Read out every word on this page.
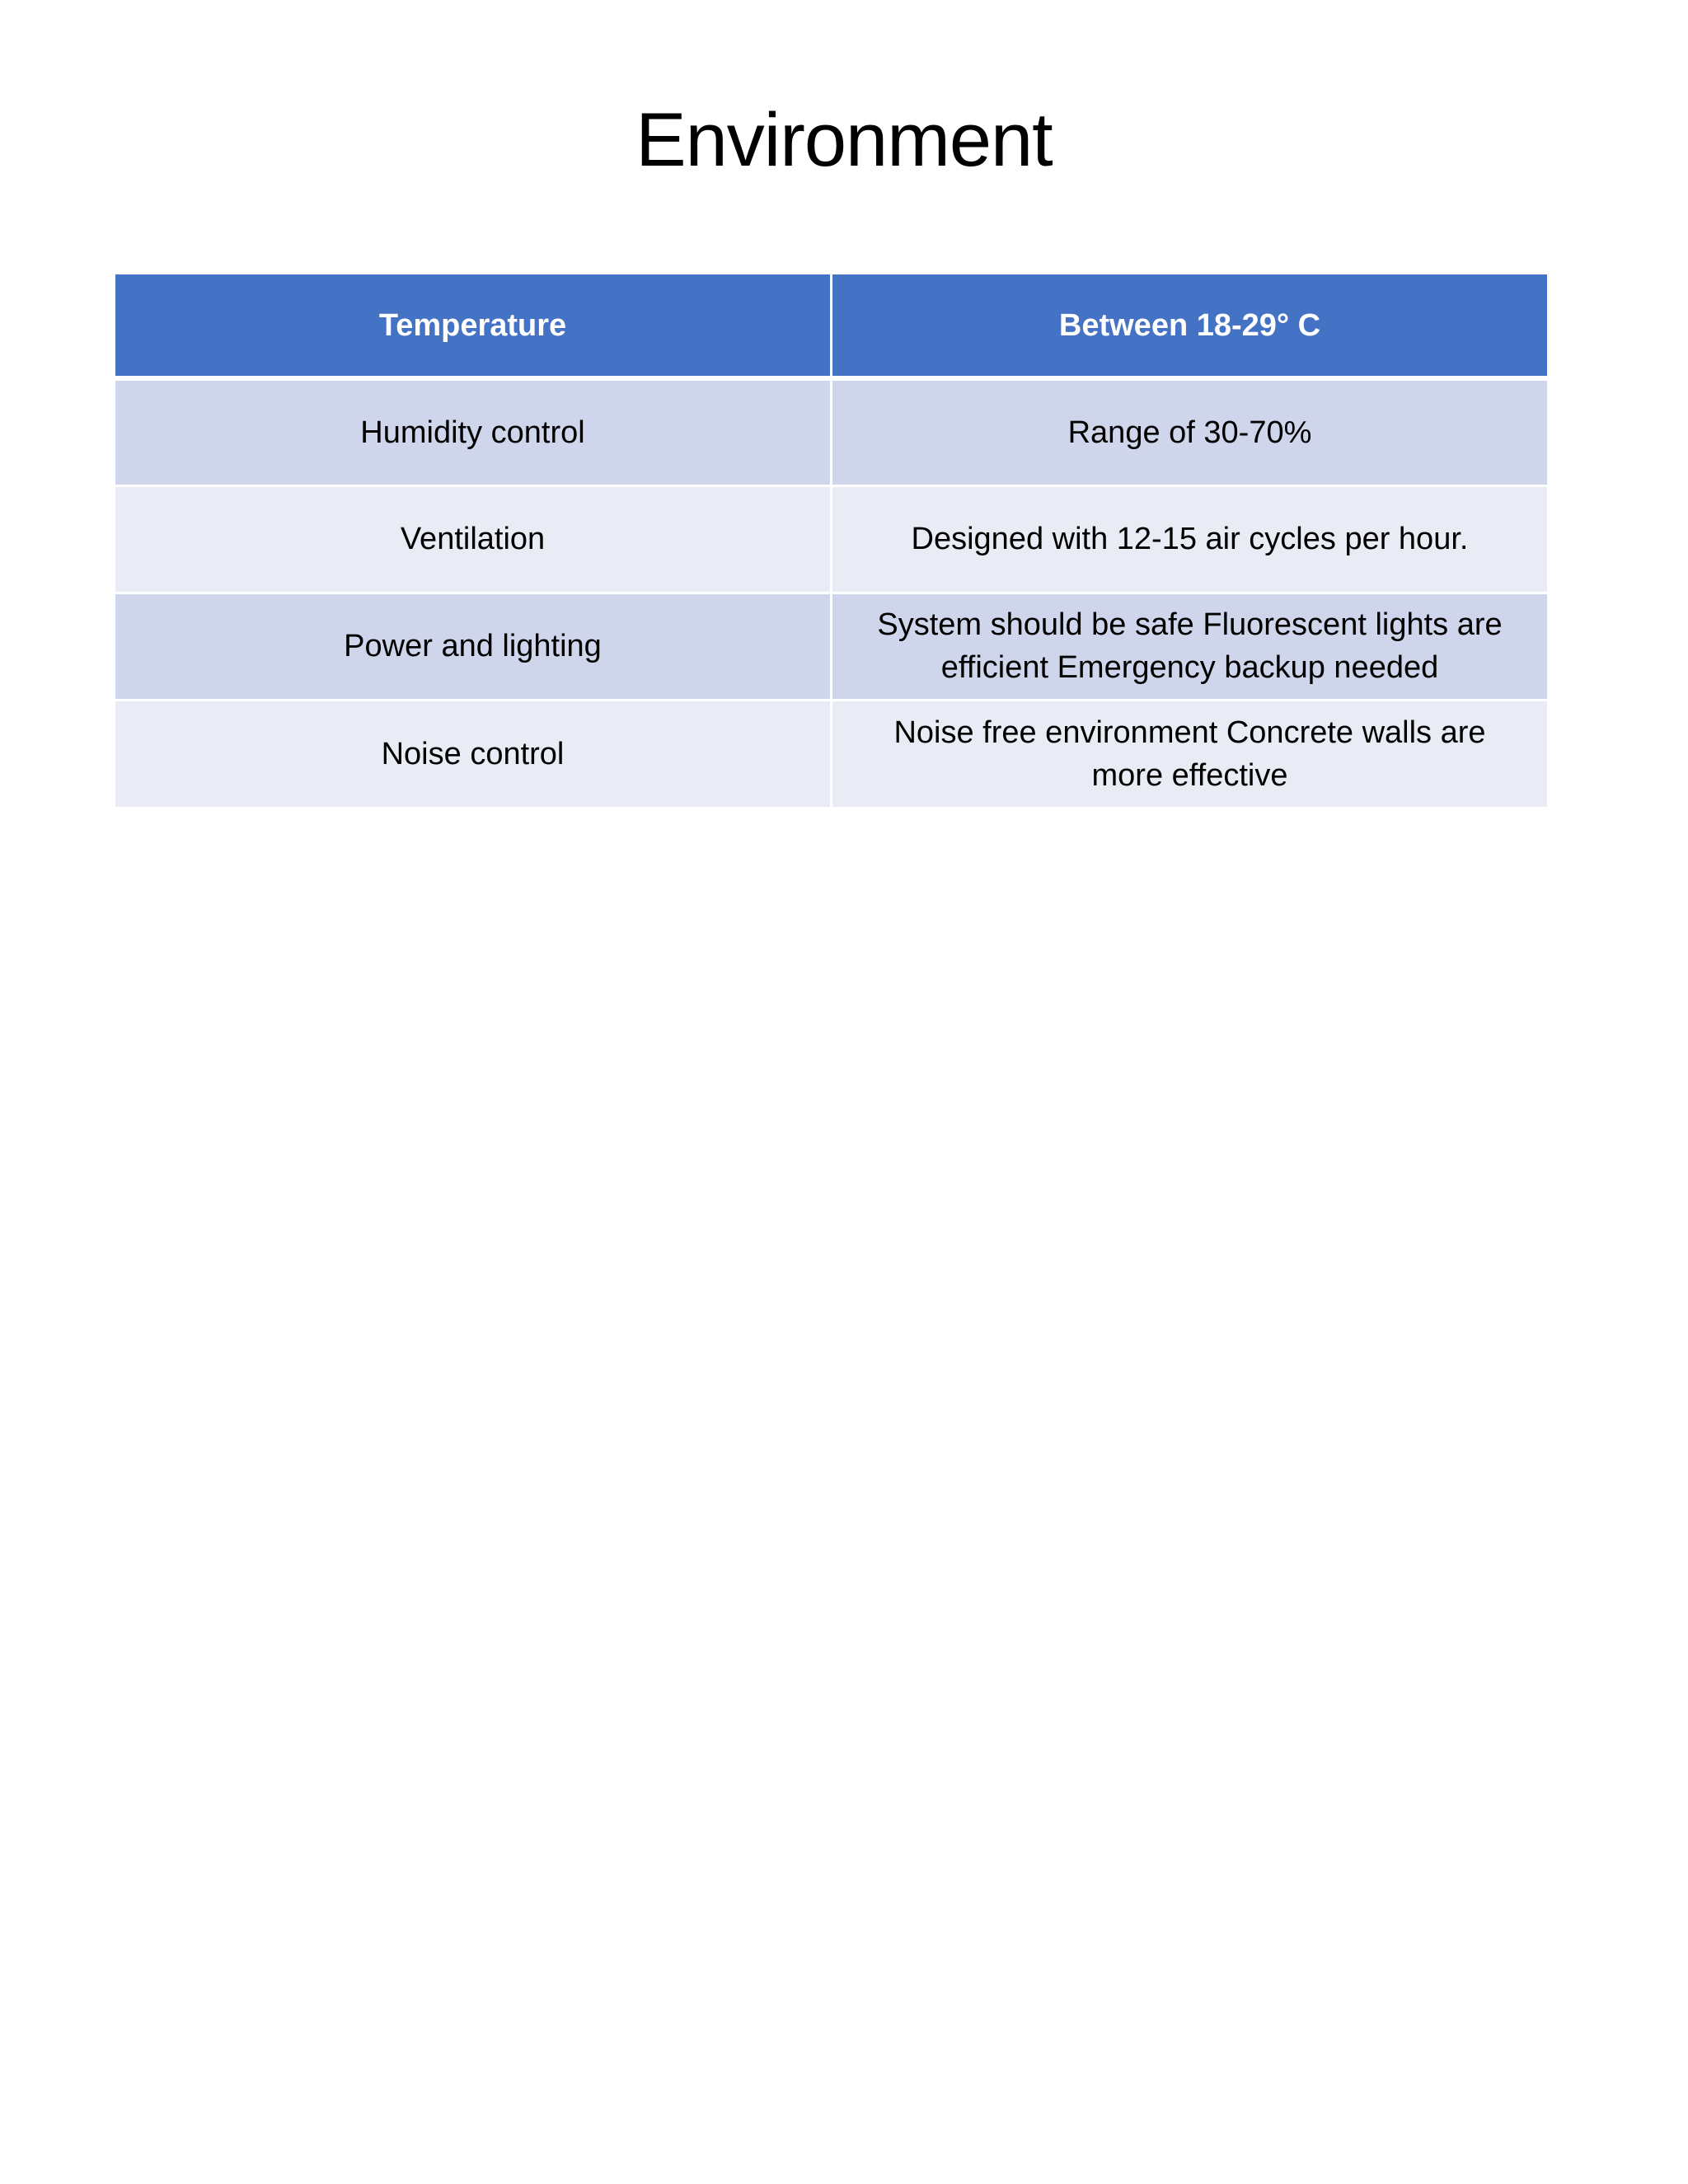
Environment
Temperature	Between 18-29° C
Humidity control	Range of 30-70%
Ventilation	Designed with 12-15 air cycles per hour.
Power and lighting	System should be safe Fluorescent lights are efficient Emergency backup needed
Noise control	Noise free environment Concrete walls are more effective
